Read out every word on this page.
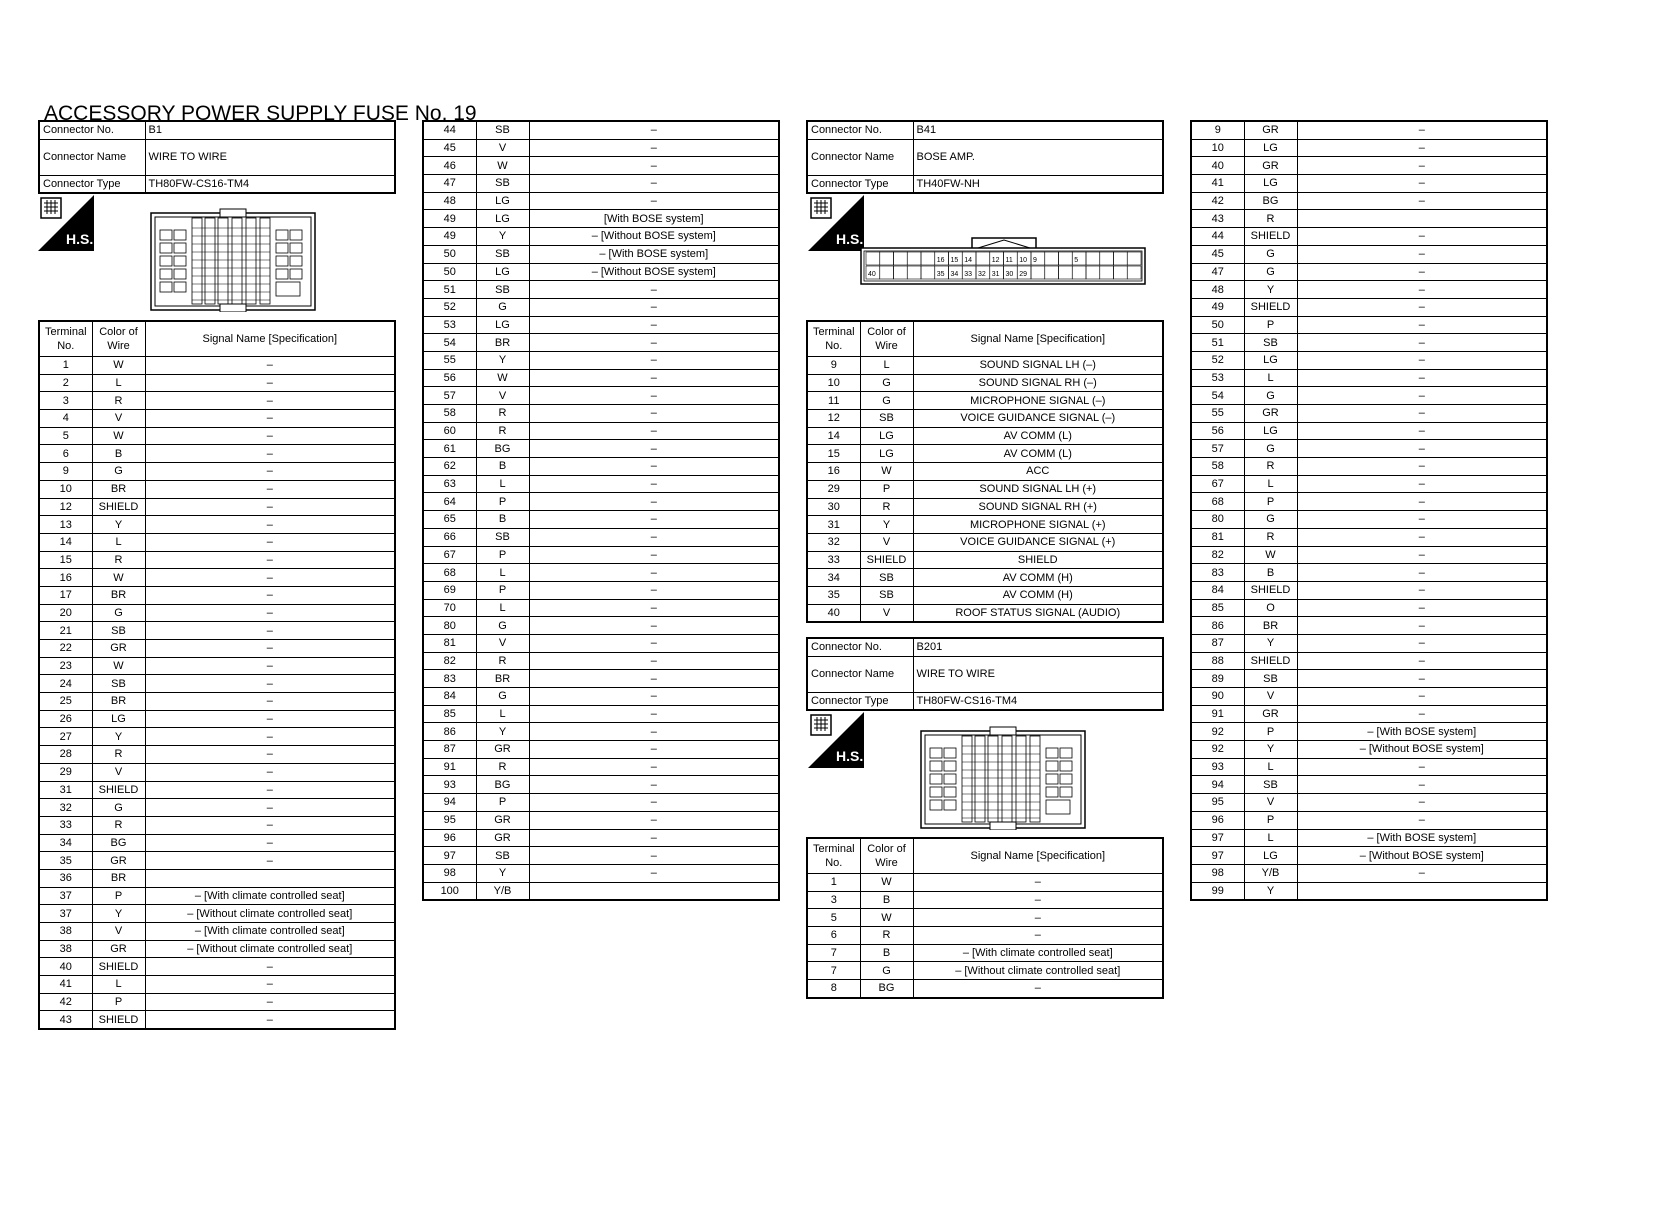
ACCESSORY POWER SUPPLY FUSE No. 19
Connector No.	B1
Connector Name	WIRE TO WIRE
Connector Type	TH80FW-CS16-TM4
H.S.
Terminal No.	Color of Wire	Signal Name [Specification]
1	W	–
2	L	–
3	R	–
4	V	–
5	W	–
6	B	–
9	G	–
10	BR	–
12	SHIELD	–
13	Y	–
14	L	–
15	R	–
16	W	–
17	BR	–
20	G	–
21	SB	–
22	GR	–
23	W	–
24	SB	–
25	BR	–
26	LG	–
27	Y	–
28	R	–
29	V	–
31	SHIELD	–
32	G	–
33	R	–
34	BG	–
35	GR	–
36	BR	
37	P	– [With climate controlled seat]
37	Y	– [Without climate controlled seat]
38	V	– [With climate controlled seat]
38	GR	– [Without climate controlled seat]
40	SHIELD	–
41	L	–
42	P	–
43	SHIELD	–
44	SB	–
45	V	–
46	W	–
47	SB	–
48	LG	–
49	LG	[With BOSE system]
49	Y	– [Without BOSE system]
50	SB	– [With BOSE system]
50	LG	– [Without BOSE system]
51	SB	–
52	G	–
53	LG	–
54	BR	–
55	Y	–
56	W	–
57	V	–
58	R	–
60	R	–
61	BG	–
62	B	–
63	L	–
64	P	–
65	B	–
66	SB	–
67	P	–
68	L	–
69	P	–
70	L	–
80	G	–
81	V	–
82	R	–
83	BR	–
84	G	–
85	L	–
86	Y	–
87	GR	–
91	R	–
93	BG	–
94	P	–
95	GR	–
96	GR	–
97	SB	–
98	Y	–
100	Y/B	
Connector No.	B41
Connector Name	BOSE AMP.
Connector Type	TH40FW-NH
H.S.
16 15 14	12 11 10 9	5
40	35 34 33 32 31 30 29
Terminal No.	Color of Wire	Signal Name [Specification]
9	L	SOUND SIGNAL LH (–)
10	G	SOUND SIGNAL RH (–)
11	G	MICROPHONE SIGNAL (–)
12	SB	VOICE GUIDANCE SIGNAL (–)
14	LG	AV COMM (L)
15	LG	AV COMM (L)
16	W	ACC
29	P	SOUND SIGNAL LH (+)
30	R	SOUND SIGNAL RH (+)
31	Y	MICROPHONE SIGNAL (+)
32	V	VOICE GUIDANCE SIGNAL (+)
33	SHIELD	SHIELD
34	SB	AV COMM (H)
35	SB	AV COMM (H)
40	V	ROOF STATUS SIGNAL (AUDIO)
Connector No.	B201
Connector Name	WIRE TO WIRE
Connector Type	TH80FW-CS16-TM4
H.S.
Terminal No.	Color of Wire	Signal Name [Specification]
1	W	–
3	B	–
5	W	–
6	R	–
7	B	– [With climate controlled seat]
7	G	– [Without climate controlled seat]
8	BG	–
9	GR	–
10	LG	–
40	GR	–
41	LG	–
42	BG	–
43	R	
44	SHIELD	–
45	G	–
47	G	–
48	Y	–
49	SHIELD	–
50	P	–
51	SB	–
52	LG	–
53	L	–
54	G	–
55	GR	–
56	LG	–
57	G	–
58	R	–
67	L	–
68	P	–
80	G	–
81	R	–
82	W	–
83	B	–
84	SHIELD	–
85	O	–
86	BR	–
87	Y	–
88	SHIELD	–
89	SB	–
90	V	–
91	GR	–
92	P	– [With BOSE system]
92	Y	– [Without BOSE system]
93	L	–
94	SB	–
95	V	–
96	P	–
97	L	– [With BOSE system]
97	LG	– [Without BOSE system]
98	Y/B	–
99	Y	
